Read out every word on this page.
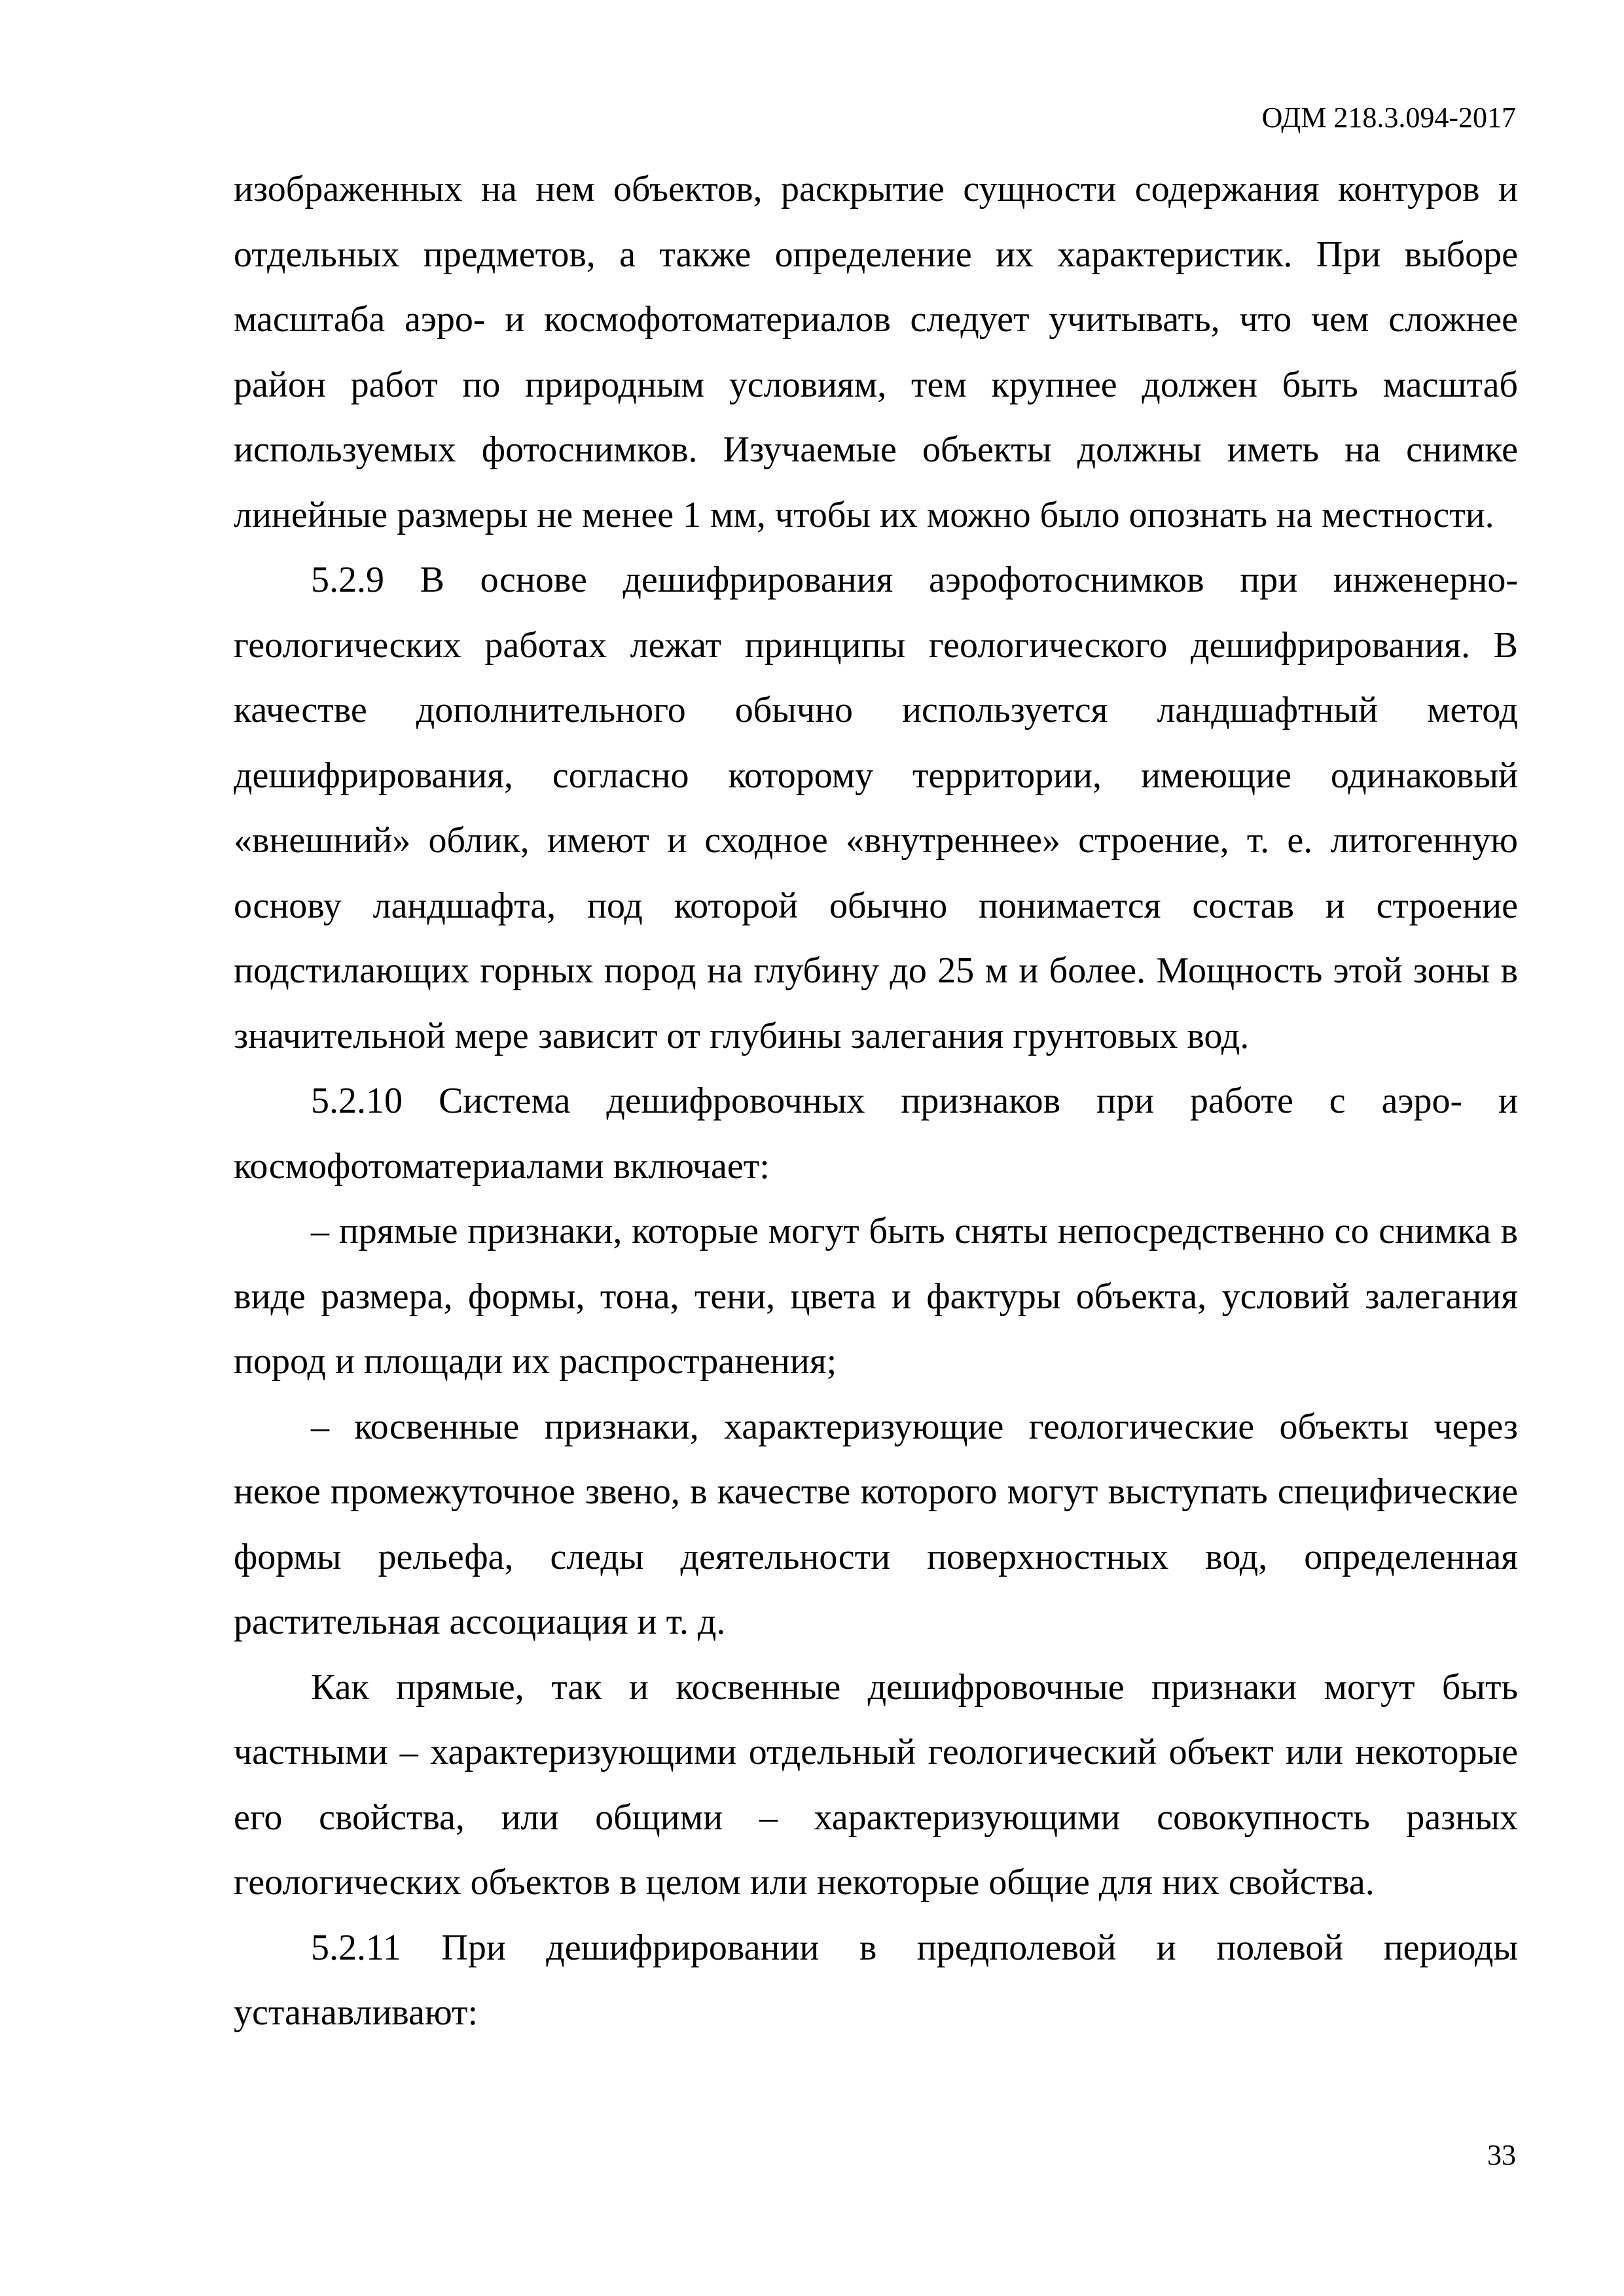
ОДМ 218.3.094-2017

изображенных на нем объектов, раскрытие сущности содержания контуров и отдельных предметов, а также определение их характеристик. При выборе масштаба аэро- и космофотоматериалов следует учитывать, что чем сложнее район работ по природным условиям, тем крупнее должен быть масштаб используемых фотоснимков. Изучаемые объекты должны иметь на снимке линейные размеры не менее 1 мм, чтобы их можно было опознать на местности.

5.2.9 В основе дешифрирования аэрофотоснимков при инженерно-геологических работах лежат принципы геологического дешифрирования. В качестве дополнительного обычно используется ландшафтный метод дешифрирования, согласно которому территории, имеющие одинаковый «внешний» облик, имеют и сходное «внутреннее» строение, т. е. литогенную основу ландшафта, под которой обычно понимается состав и строение подстилающих горных пород на глубину до 25 м и более. Мощность этой зоны в значительной мере зависит от глубины залегания грунтовых вод.

5.2.10 Система дешифровочных признаков при работе с аэро- и космофотоматериалами включает:

– прямые признаки, которые могут быть сняты непосредственно со снимка в виде размера, формы, тона, тени, цвета и фактуры объекта, условий залегания пород и площади их распространения;

– косвенные признаки, характеризующие геологические объекты через некое промежуточное звено, в качестве которого могут выступать специфические формы рельефа, следы деятельности поверхностных вод, определенная растительная ассоциация и т. д.

Как прямые, так и косвенные дешифровочные признаки могут быть частными – характеризующими отдельный геологический объект или некоторые его свойства, или общими – характеризующими совокупность разных геологических объектов в целом или некоторые общие для них свойства.

5.2.11 При дешифрировании в предполевой и полевой периоды устанавливают:

33
